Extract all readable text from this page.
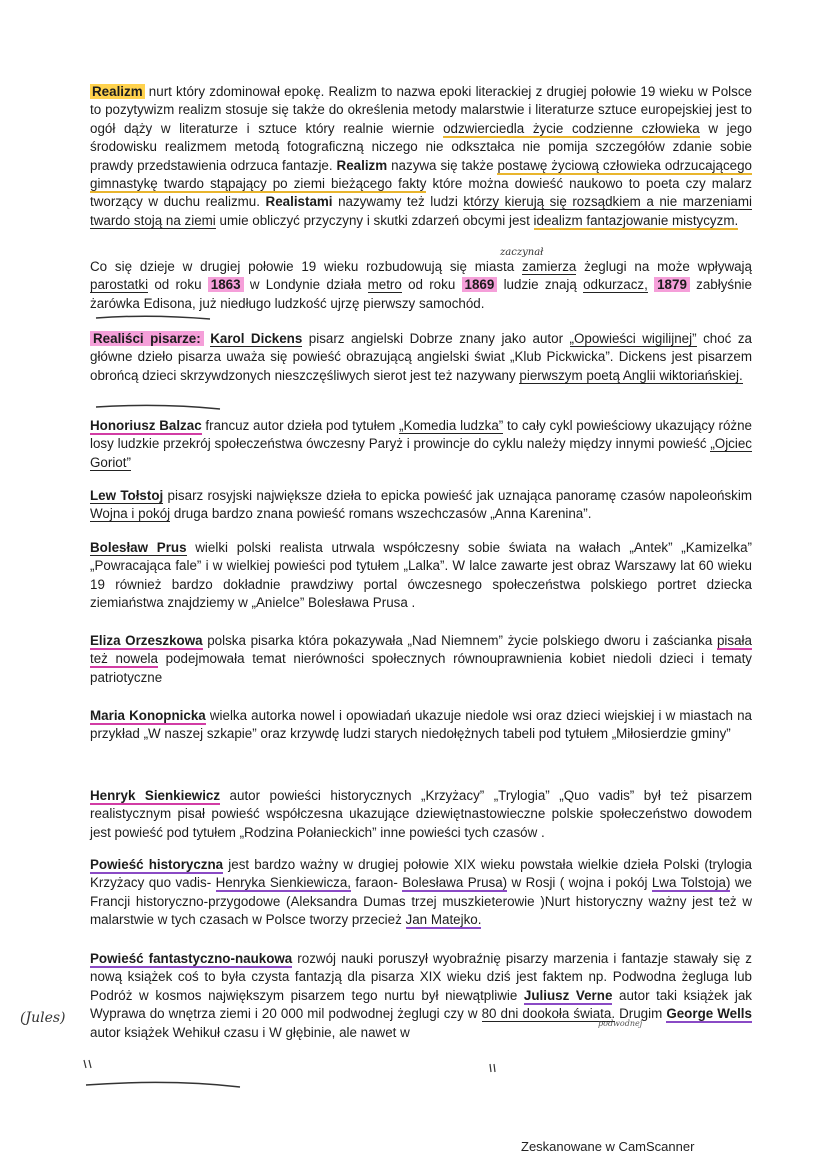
Realizm nurt który zdominował epokę. Realizm to nazwa epoki literackiej z drugiej połowie 19 wieku w Polsce to pozytywizm realizm stosuje się także do określenia metody malarstwie i literaturze sztuce europejskiej jest to ogół dąży w literaturze i sztuce który realnie wiernie odzwierciedla życie codzienne człowieka w jego środowisku realizmem metodą fotograficzną niczego nie odkształca nie pomija szczegółów zdanie sobie prawdy przedstawienia odrzuca fantazje. Realizm nazywa się także postawę życiową człowieka odrzucającego gimnastykę twardo stąpający po ziemi bieżącego fakty które można dowieść naukowo to poeta czy malarz tworzący w duchu realizmu. Realistami nazywamy też ludzi którzy kierują się rozsądkiem a nie marzeniami twardo stoją na ziemi umie obliczyć przyczyny i skutki zdarzeń obcymi jest idealizm fantazjowanie mistycyzm.

zaczynał

Co się dzieje w drugiej połowie 19 wieku rozbudowują się miasta zamierza żeglugi na może wpływają parostatki od roku 1863 w Londynie działa metro od roku 1869 ludzie znają odkurzacz, 1879 zabłyśnie żarówka Edisona, już niedługo ludzkość ujrzę pierwszy samochód.

Realiści pisarze: Karol Dickens pisarz angielski Dobrze znany jako autor „Opowieści wigilijnej” choć za główne dzieło pisarza uważa się powieść obrazującą angielski świat „Klub Pickwicka”. Dickens jest pisarzem obrońcą dzieci skrzywdzonych nieszczęśliwych sierot jest też nazywany pierwszym poetą Anglii wiktoriańskiej.

Honoriusz Balzac francuz autor dzieła pod tytułem „Komedia ludzka” to cały cykl powieściowy ukazujący różne losy ludzkie przekrój społeczeństwa ówczesny Paryż i prowincje do cyklu należy między innymi powieść „Ojciec Goriot”

Lew Tołstoj pisarz rosyjski największe dzieła to epicka powieść jak uznająca panoramę czasów napoleońskim Wojna i pokój druga bardzo znana powieść romans wszechczasów „Anna Karenina”.

Bolesław Prus wielki polski realista utrwala współczesny sobie świata na wałach „Antek” „Kamizelka” „Powracająca fale” i w wielkiej powieści pod tytułem „Lalka”. W lalce zawarte jest obraz Warszawy lat 60 wieku 19 również bardzo dokładnie prawdziwy portal ówczesnego społeczeństwa polskiego portret dziecka ziemiaństwa znajdziemy w „Anielce” Bolesława Prusa .

Eliza Orzeszkowa polska pisarka która pokazywała „Nad Niemnem” życie polskiego dworu i zaścianka pisała też nowela podejmowała temat nierówności społecznych równouprawnienia kobiet niedoli dzieci i tematy patriotyczne

Maria Konopnicka wielka autorka nowel i opowiadań ukazuje niedole wsi oraz dzieci wiejskiej i w miastach na przykład „W naszej szkapie” oraz krzywdę ludzi starych niedołężnych tabeli pod tytułem „Miłosierdzie gminy”

Henryk Sienkiewicz autor powieści historycznych „Krzyżacy” „Trylogia” „Quo vadis” był też pisarzem realistycznym pisał powieść współczesna ukazujące dziewiętnastowieczne polskie społeczeństwo dowodem jest powieść pod tytułem „Rodzina Połanieckich” inne powieści tych czasów .

Powieść historyczna jest bardzo ważny w drugiej połowie XIX wieku powstała wielkie dzieła Polski (trylogia Krzyżacy quo vadis- Henryka Sienkiewicza, faraon- Bolesława Prusa) w Rosji ( wojna i pokój Lwa Tolstoja) we Francji historyczno-przygodowe (Aleksandra Dumas trzej muszkieterowie )Nurt historyczny ważny jest też w malarstwie w tych czasach w Polsce tworzy przecież Jan Matejko.

Powieść fantastyczno-naukowa rozwój nauki poruszył wyobraźnię pisarzy marzenia i fantazje stawały się z nową książek coś to była czysta fantazją dla pisarza XIX wieku dziś jest faktem np. Podwodna żegluga lub Podróż w kosmos największym pisarzem tego nurtu był niewątpliwie Juliusz Verne autor taki książek jak Wyprawa do wnętrza ziemi i 20 000 mil podwodnej żeglugi czy w 80 dni dookoła świata. Drugim George Wells autor książek Wehikuł czasu i W głębinie, ale nawet w

(Jules)	podwodnej
Zeskanowane w CamScanner
